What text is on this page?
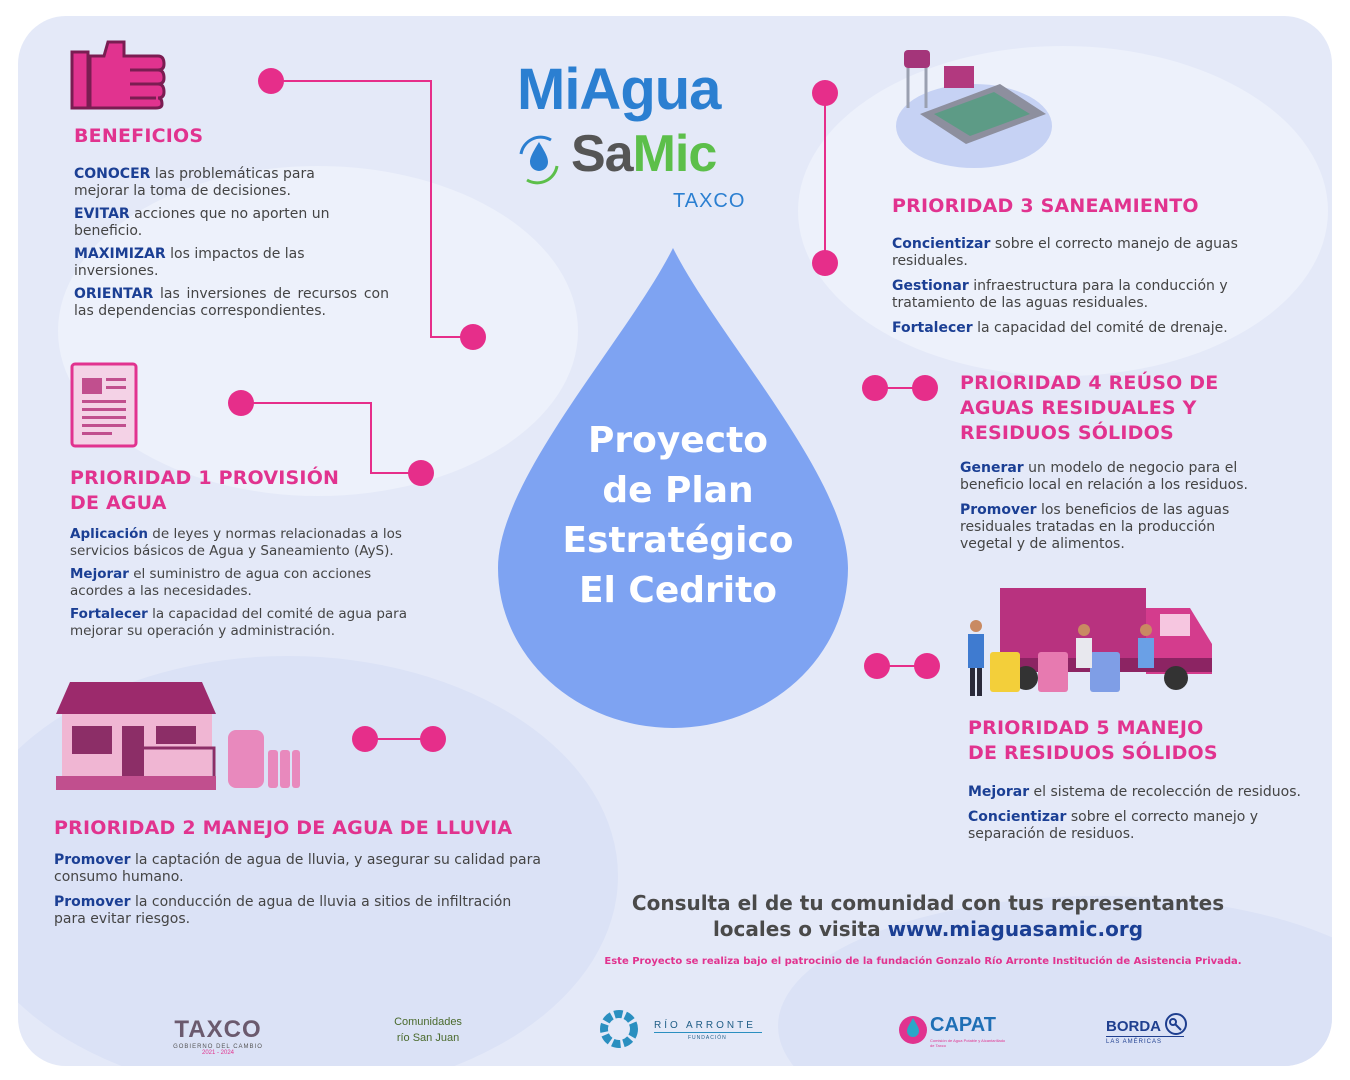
MiAgua
SaMic
TAXCO
Proyecto
de Plan
Estratégico
El Cedrito
BENEFICIOS

CONOCER las problemáticas para mejorar la toma de decisiones.

EVITAR acciones que no aporten un beneficio.

MAXIMIZAR los impactos de las inversiones.

ORIENTAR las inversiones de recursos con las dependencias correspondientes.

PRIORIDAD 1 PROVISIÓN DE AGUA

Aplicación de leyes y normas relacionadas a los servicios básicos de Agua y Saneamiento (AyS).

Mejorar el suministro de agua con acciones acordes a las necesidades.

Fortalecer la capacidad del comité de agua para mejorar su operación y administración.

PRIORIDAD 2 MANEJO DE AGUA DE LLUVIA

Promover la captación de agua de lluvia, y asegurar su calidad para consumo humano.

Promover la conducción de agua de lluvia a sitios de infiltración para evitar riesgos.

PRIORIDAD 3 SANEAMIENTO

Concientizar sobre el correcto manejo de aguas residuales.

Gestionar infraestructura para la conducción y tratamiento de las aguas residuales.

Fortalecer la capacidad del comité de drenaje.

PRIORIDAD 4 REÚSO DE AGUAS RESIDUALES Y RESIDUOS SÓLIDOS

Generar un modelo de negocio para el beneficio local en relación a los residuos.

Promover los beneficios de las aguas residuales tratadas en la producción vegetal y de alimentos.

PRIORIDAD 5 MANEJO DE RESIDUOS SÓLIDOS

Mejorar el sistema de recolección de residuos.

Concientizar sobre el correcto manejo y separación de residuos.

Consulta el de tu comunidad con tus representantes
locales o visita www.miaguasamic.org
Este Proyecto se realiza bajo el patrocinio de la fundación Gonzalo Río Arronte Institución de Asistencia Privada.
TAXCO
GOBIERNO DEL CAMBIO
2021 - 2024
Comunidades
río San Juan
RÍO ARRONTE
FUNDACIÓN
CAPAT
Comisión de Agua Potable y Alcantarillado de Taxco
BORDA
LAS AMÉRICAS
